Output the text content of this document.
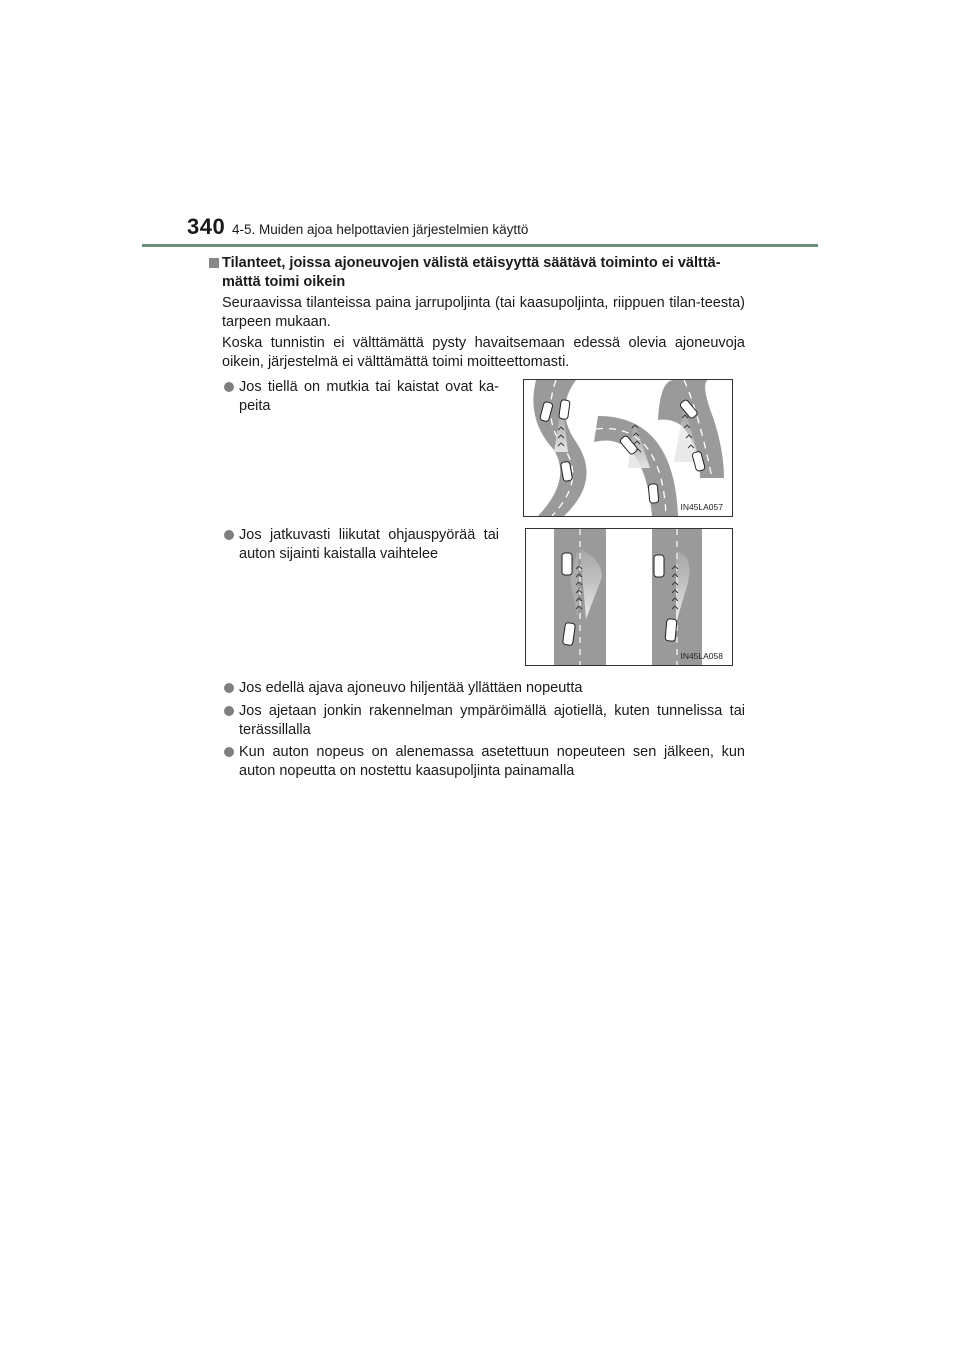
340 4-5. Muiden ajoa helpottavien järjestelmien käyttö
Tilanteet, joissa ajoneuvojen välistä etäisyyttä säätävä toiminto ei välttä-mättä toimi oikein
Seuraavissa tilanteissa paina jarrupoljinta (tai kaasupoljinta, riippuen tilan-teesta) tarpeen mukaan.
Koska tunnistin ei välttämättä pysty havaitsemaan edessä olevia ajoneuvoja oikein, järjestelmä ei välttämättä toimi moitteettomasti.
Jos tiellä on mutkia tai kaistat ovat ka-peita
IN45LA057
Jos jatkuvasti liikutat ohjauspyörää tai auton sijainti kaistalla vaihtelee
IN45LA058
Jos edellä ajava ajoneuvo hiljentää yllättäen nopeutta
Jos ajetaan jonkin rakennelman ympäröimällä ajotiellä, kuten tunnelissa tai terässillalla
Kun auton nopeus on alenemassa asetettuun nopeuteen sen jälkeen, kun auton nopeutta on nostettu kaasupoljinta painamalla
